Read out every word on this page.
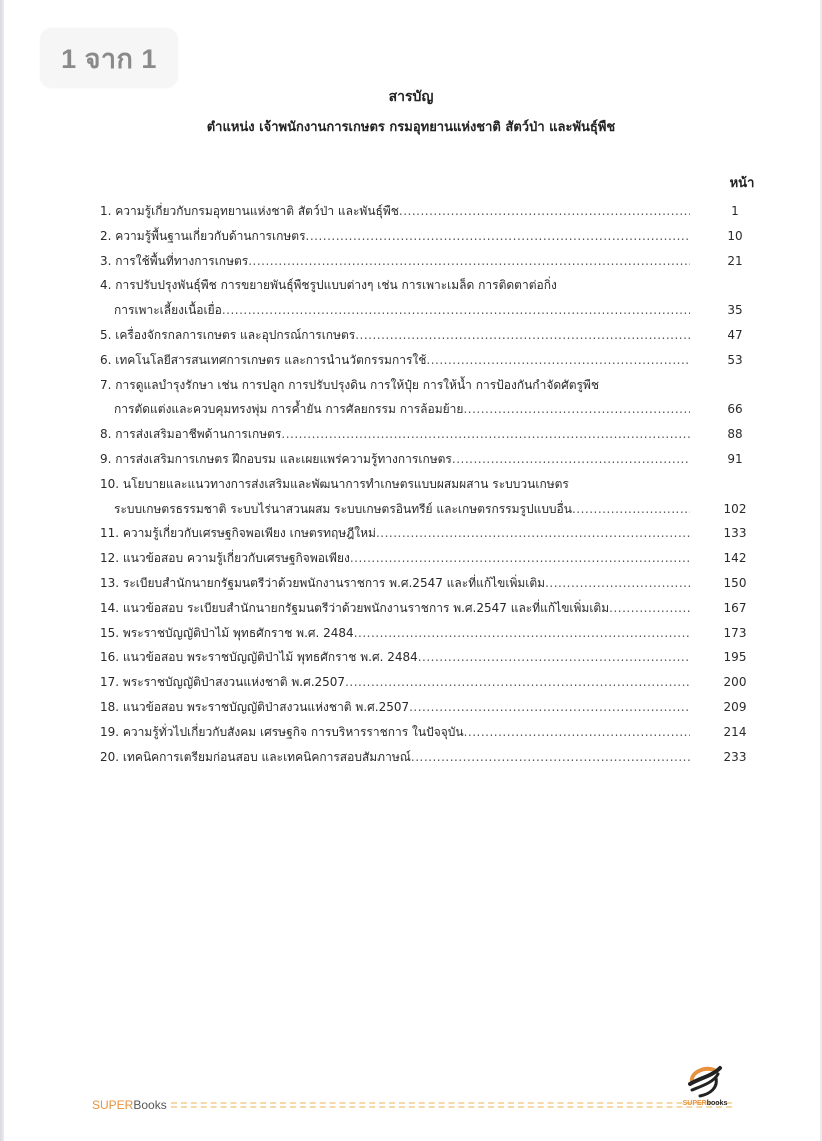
1 จาก 1
สารบัญ
ตำแหน่ง เจ้าพนักงานการเกษตร กรมอุทยานแห่งชาติ สัตว์ป่า และพันธุ์พืช
หน้า
1. ความรู้เกี่ยวกับกรมอุทยานแห่งชาติ สัตว์ป่า และพันธุ์พืช .....	1
2. ความรู้พื้นฐานเกี่ยวกับด้านการเกษตร .....	10
3. การใช้พื้นที่ทางการเกษตร .....	21
4. การปรับปรุงพันธุ์พืช การขยายพันธุ์พืชรูปแบบต่างๆ เช่น การเพาะเมล็ด การติดตาต่อกิ่ง
การเพาะเลี้ยงเนื้อเยื่อ .....	35
5. เครื่องจักรกลการเกษตร และอุปกรณ์การเกษตร .....	47
6. เทคโนโลยีสารสนเทศการเกษตร และการนำนวัตกรรมการใช้ .....	53
7. การดูแลบำรุงรักษา เช่น การปลูก การปรับปรุงดิน การให้ปุ๋ย การให้น้ำ การป้องกันกำจัดศัตรูพืช
การตัดแต่งและควบคุมทรงพุ่ม การค้ำยัน การศัลยกรรม การล้อมย้าย .....	66
8. การส่งเสริมอาชีพด้านการเกษตร .....	88
9. การส่งเสริมการเกษตร ฝึกอบรม และเผยแพร่ความรู้ทางการเกษตร .....	91
10. นโยบายและแนวทางการส่งเสริมและพัฒนาการทำเกษตรแบบผสมผสาน ระบบวนเกษตร
ระบบเกษตรธรรมชาติ ระบบไร่นาสวนผสม ระบบเกษตรอินทรีย์ และเกษตรกรรมรูปแบบอื่น .....	102
11. ความรู้เกี่ยวกับเศรษฐกิจพอเพียง เกษตรทฤษฎีใหม่ .....	133
12. แนวข้อสอบ ความรู้เกี่ยวกับเศรษฐกิจพอเพียง .....	142
13. ระเบียบสำนักนายกรัฐมนตรีว่าด้วยพนักงานราชการ พ.ศ.2547 และที่แก้ไขเพิ่มเติม .....	150
14. แนวข้อสอบ ระเบียบสำนักนายกรัฐมนตรีว่าด้วยพนักงานราชการ พ.ศ.2547 และที่แก้ไขเพิ่มเติม .....	167
15. พระราชบัญญัติป่าไม้ พุทธศักราช พ.ศ. 2484 .....	173
16. แนวข้อสอบ พระราชบัญญัติป่าไม้ พุทธศักราช พ.ศ. 2484 .....	195
17. พระราชบัญญัติป่าสงวนแห่งชาติ พ.ศ.2507 .....	200
18. แนวข้อสอบ พระราชบัญญัติป่าสงวนแห่งชาติ พ.ศ.2507 .....	209
19. ความรู้ทั่วไปเกี่ยวกับสังคม เศรษฐกิจ การบริหารราชการ ในปัจจุบัน .....	214
20. เทคนิคการเตรียมก่อนสอบ และเทคนิคการสอบสัมภาษณ์ .....	233
SUPERBooks	SUPERbooks
